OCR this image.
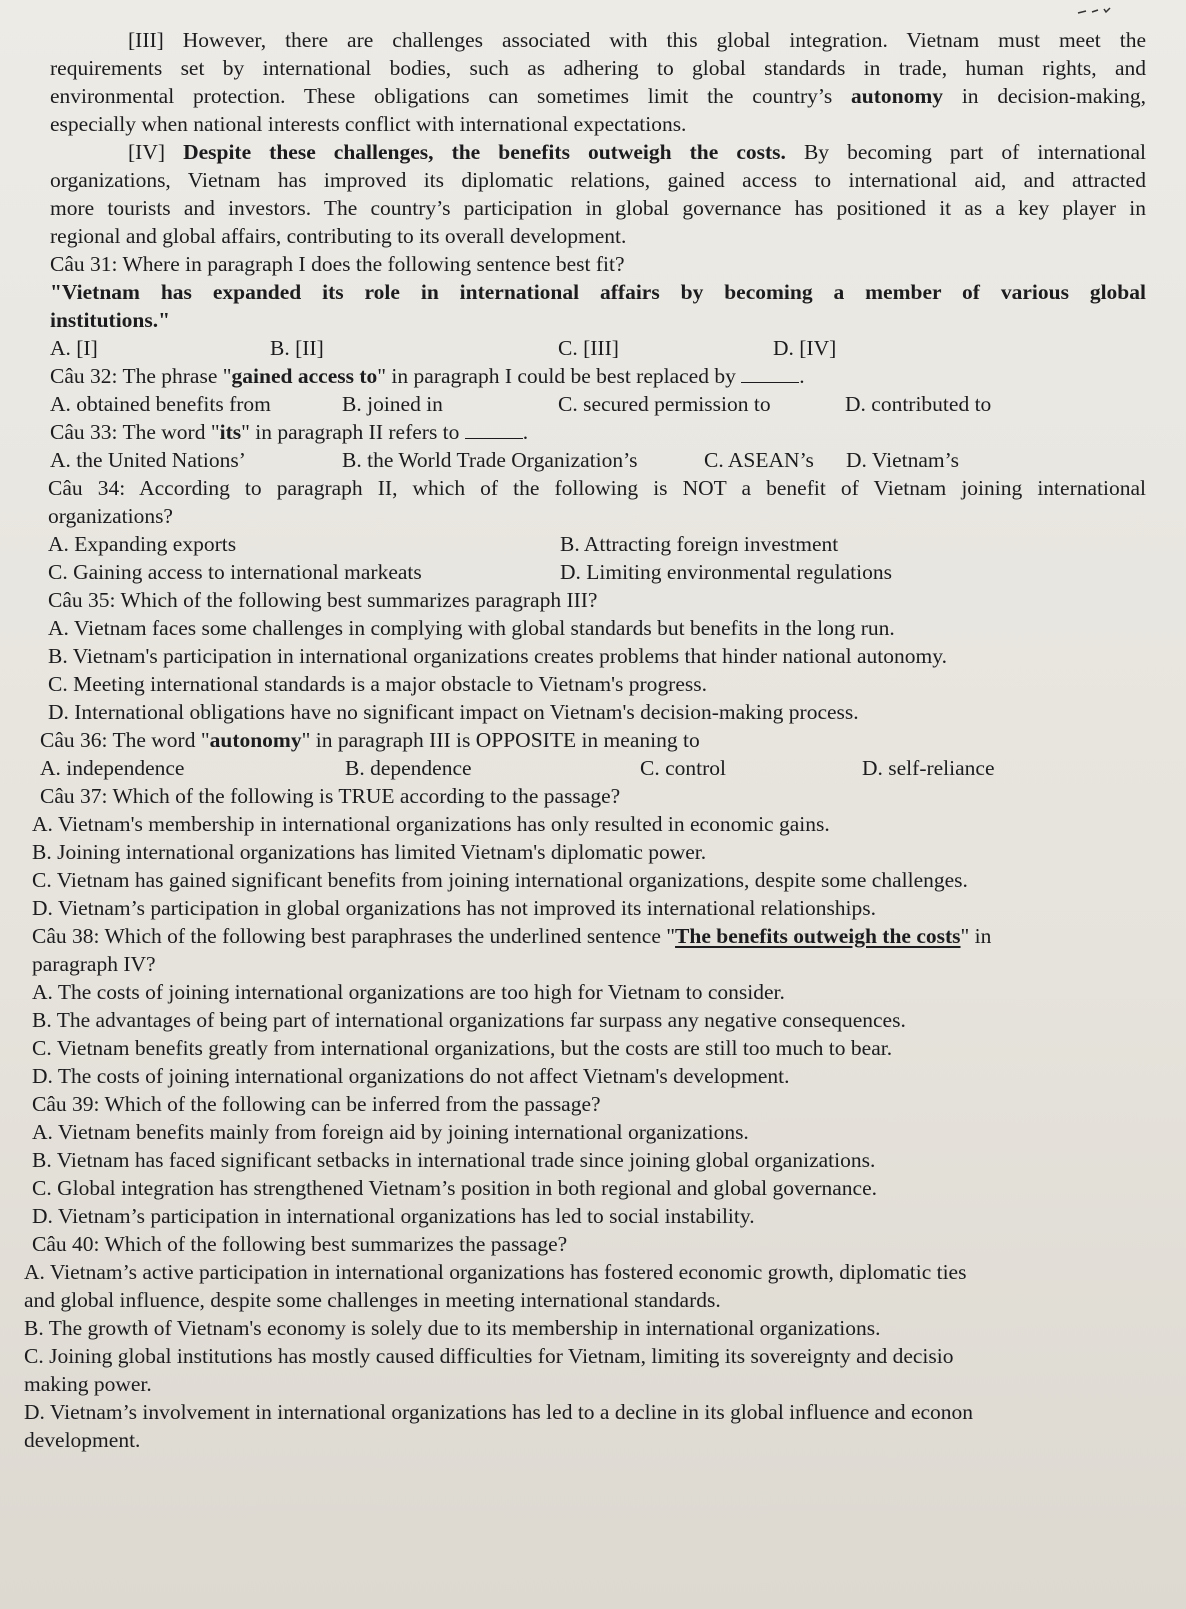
[III] However, there are challenges associated with this global integration. Vietnam must meet the
requirements set by international bodies, such as adhering to global standards in trade, human rights, and
environmental protection. These obligations can sometimes limit the country’s autonomy in decision-making,
especially when national interests conflict with international expectations.
[IV] Despite these challenges, the benefits outweigh the costs. By becoming part of international
organizations, Vietnam has improved its diplomatic relations, gained access to international aid, and attracted
more tourists and investors. The country’s participation in global governance has positioned it as a key player in
regional and global affairs, contributing to its overall development.
Câu 31: Where in paragraph I does the following sentence best fit?
"Vietnam has expanded its role in international affairs by becoming a member of various global
institutions."
A. [I]	B. [II]	C. [III]	D. [IV]
Câu 32: The phrase "gained access to" in paragraph I could be best replaced by	.
A. obtained benefits from	B. joined in	C. secured permission to	D. contributed to
Câu 33: The word "its" in paragraph II refers to	.
A. the United Nations’	B. the World Trade Organization’s	C. ASEAN’s	D. Vietnam’s
Câu 34: According to paragraph II, which of the following is NOT a benefit of Vietnam joining international
organizations?
A. Expanding exports	B. Attracting foreign investment
C. Gaining access to international markeats	D. Limiting environmental regulations
Câu 35: Which of the following best summarizes paragraph III?
A. Vietnam faces some challenges in complying with global standards but benefits in the long run.
B. Vietnam's participation in international organizations creates problems that hinder national autonomy.
C. Meeting international standards is a major obstacle to Vietnam's progress.
D. International obligations have no significant impact on Vietnam's decision-making process.
Câu 36: The word "autonomy" in paragraph III is OPPOSITE in meaning to
A. independence	B. dependence	C. control	D. self-reliance
Câu 37: Which of the following is TRUE according to the passage?
A. Vietnam's membership in international organizations has only resulted in economic gains.
B. Joining international organizations has limited Vietnam's diplomatic power.
C. Vietnam has gained significant benefits from joining international organizations, despite some challenges.
D. Vietnam’s participation in global organizations has not improved its international relationships.
Câu 38: Which of the following best paraphrases the underlined sentence "The benefits outweigh the costs" in
paragraph IV?
A. The costs of joining international organizations are too high for Vietnam to consider.
B. The advantages of being part of international organizations far surpass any negative consequences.
C. Vietnam benefits greatly from international organizations, but the costs are still too much to bear.
D. The costs of joining international organizations do not affect Vietnam's development.
Câu 39: Which of the following can be inferred from the passage?
A. Vietnam benefits mainly from foreign aid by joining international organizations.
B. Vietnam has faced significant setbacks in international trade since joining global organizations.
C. Global integration has strengthened Vietnam’s position in both regional and global governance.
D. Vietnam’s participation in international organizations has led to social instability.
Câu 40: Which of the following best summarizes the passage?
A. Vietnam’s active participation in international organizations has fostered economic growth, diplomatic ties
and global influence, despite some challenges in meeting international standards.
B. The growth of Vietnam's economy is solely due to its membership in international organizations.
C. Joining global institutions has mostly caused difficulties for Vietnam, limiting its sovereignty and decisio
making power.
D. Vietnam’s involvement in international organizations has led to a decline in its global influence and econon
development.
